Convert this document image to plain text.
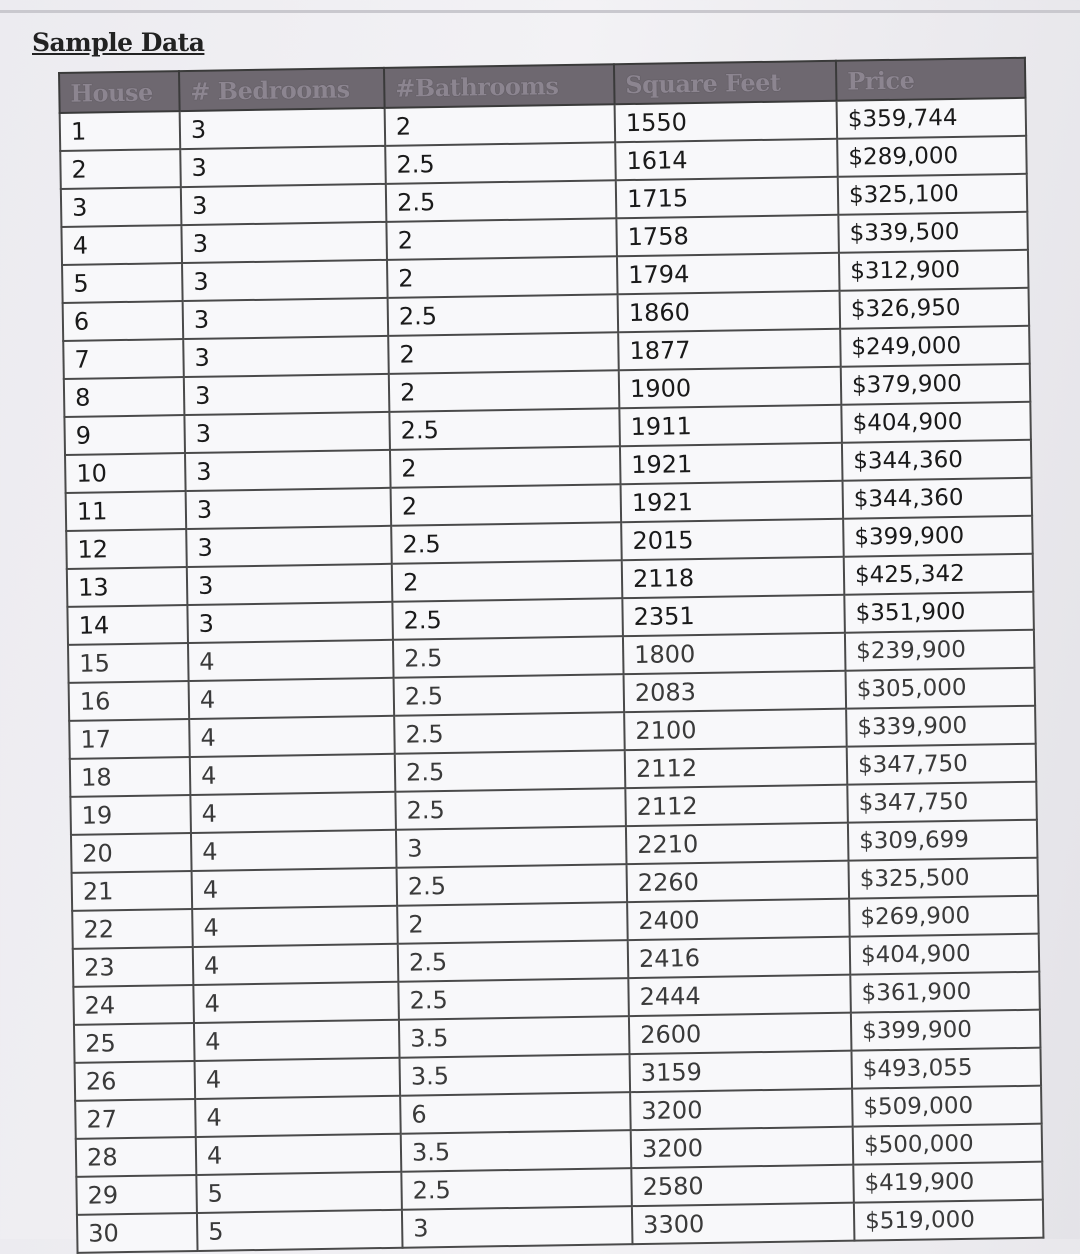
Sample Data
House	# Bedrooms	#Bathrooms	Square Feet	Price
1	3	2	1550	$359,744
2	3	2.5	1614	$289,000
3	3	2.5	1715	$325,100
4	3	2	1758	$339,500
5	3	2	1794	$312,900
6	3	2.5	1860	$326,950
7	3	2	1877	$249,000
8	3	2	1900	$379,900
9	3	2.5	1911	$404,900
10	3	2	1921	$344,360
11	3	2	1921	$344,360
12	3	2.5	2015	$399,900
13	3	2	2118	$425,342
14	3	2.5	2351	$351,900
15	4	2.5	1800	$239,900
16	4	2.5	2083	$305,000
17	4	2.5	2100	$339,900
18	4	2.5	2112	$347,750
19	4	2.5	2112	$347,750
20	4	3	2210	$309,699
21	4	2.5	2260	$325,500
22	4	2	2400	$269,900
23	4	2.5	2416	$404,900
24	4	2.5	2444	$361,900
25	4	3.5	2600	$399,900
26	4	3.5	3159	$493,055
27	4	6	3200	$509,000
28	4	3.5	3200	$500,000
29	5	2.5	2580	$419,900
30	5	3	3300	$519,000
